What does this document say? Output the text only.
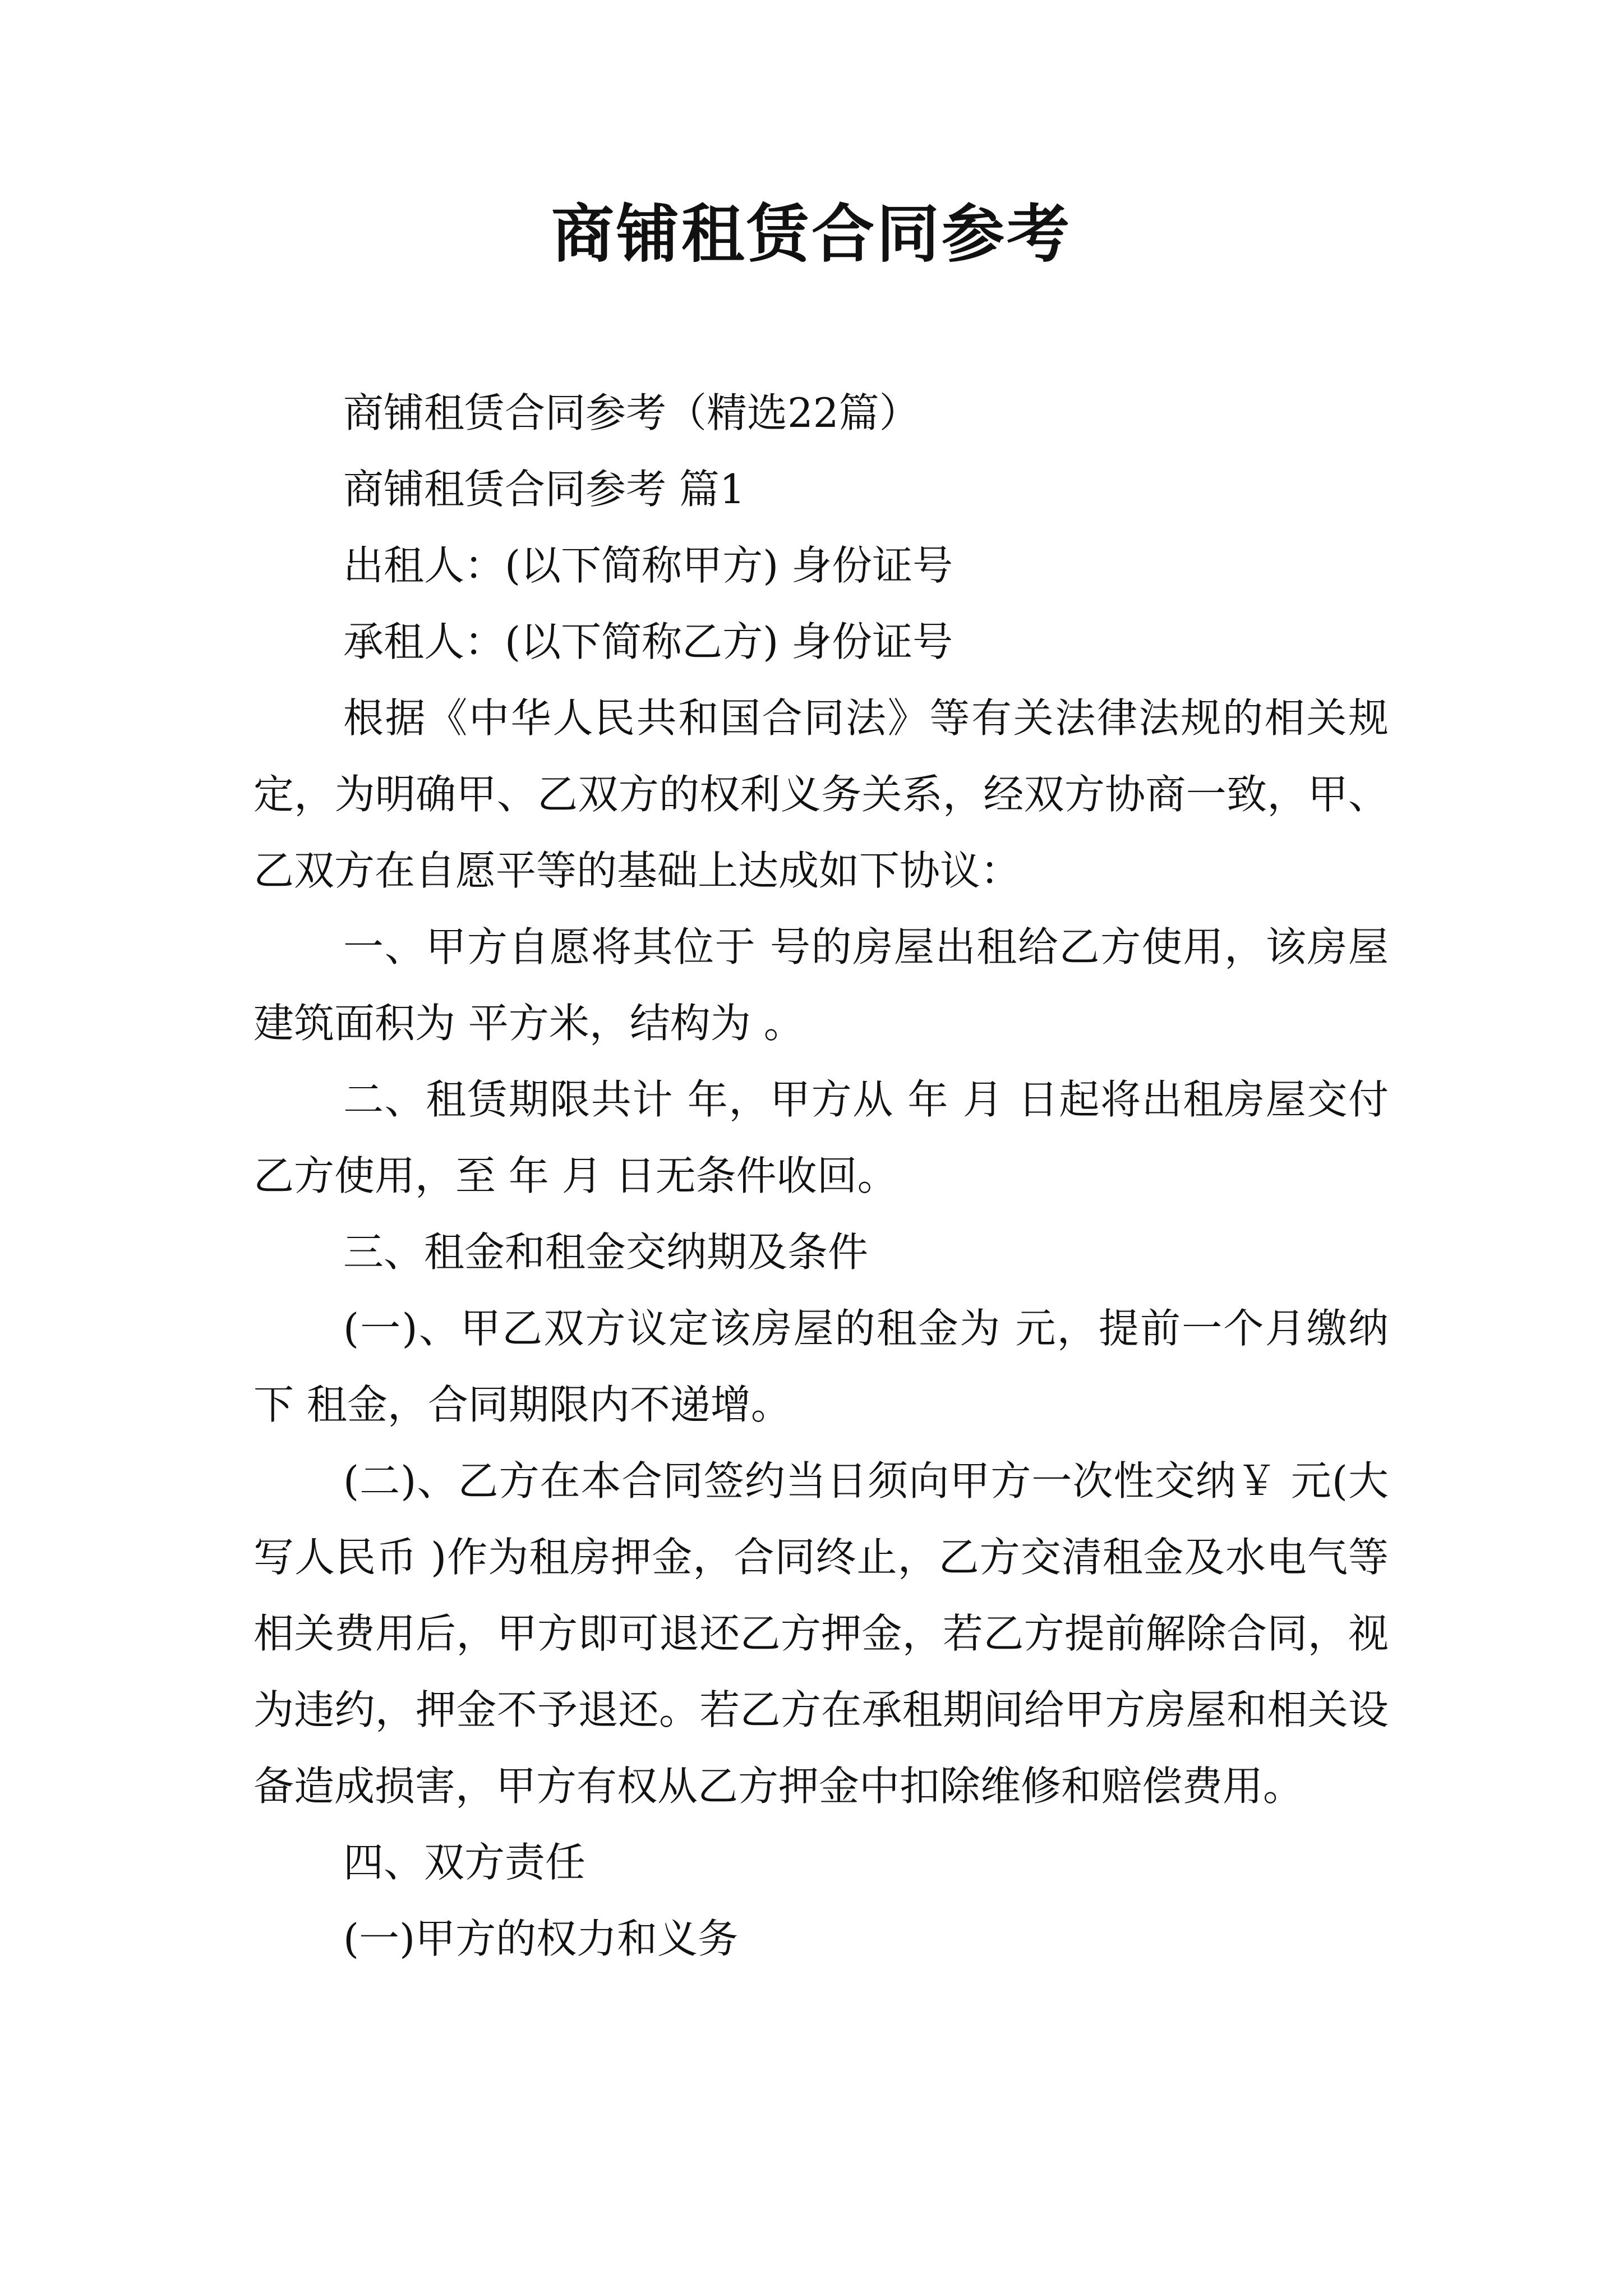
商铺租赁合同参考

商铺租赁合同参考（精选22篇）

商铺租赁合同参考 篇1

出租人：(以下简称甲方) 身份证号

承租人：(以下简称乙方) 身份证号

根据《中华人民共和国合同法》等有关法律法规的相关规定，为明确甲、乙双方的权利义务关系，经双方协商一致，甲、乙双方在自愿平等的基础上达成如下协议：

一、甲方自愿将其位于 号的房屋出租给乙方使用，该房屋建筑面积为 平方米，结构为 。

二、租赁期限共计 年，甲方从 年 月 日起将出租房屋交付乙方使用，至 年 月 日无条件收回。

三、租金和租金交纳期及条件

(一)、甲乙双方议定该房屋的租金为 元，提前一个月缴纳下 租金，合同期限内不递增。

(二)、乙方在本合同签约当日须向甲方一次性交纳￥ 元(大写人民币 )作为租房押金，合同终止，乙方交清租金及水电气等相关费用后，甲方即可退还乙方押金，若乙方提前解除合同，视为违约，押金不予退还。若乙方在承租期间给甲方房屋和相关设备造成损害，甲方有权从乙方押金中扣除维修和赔偿费用。

四、双方责任

(一)甲方的权力和义务
